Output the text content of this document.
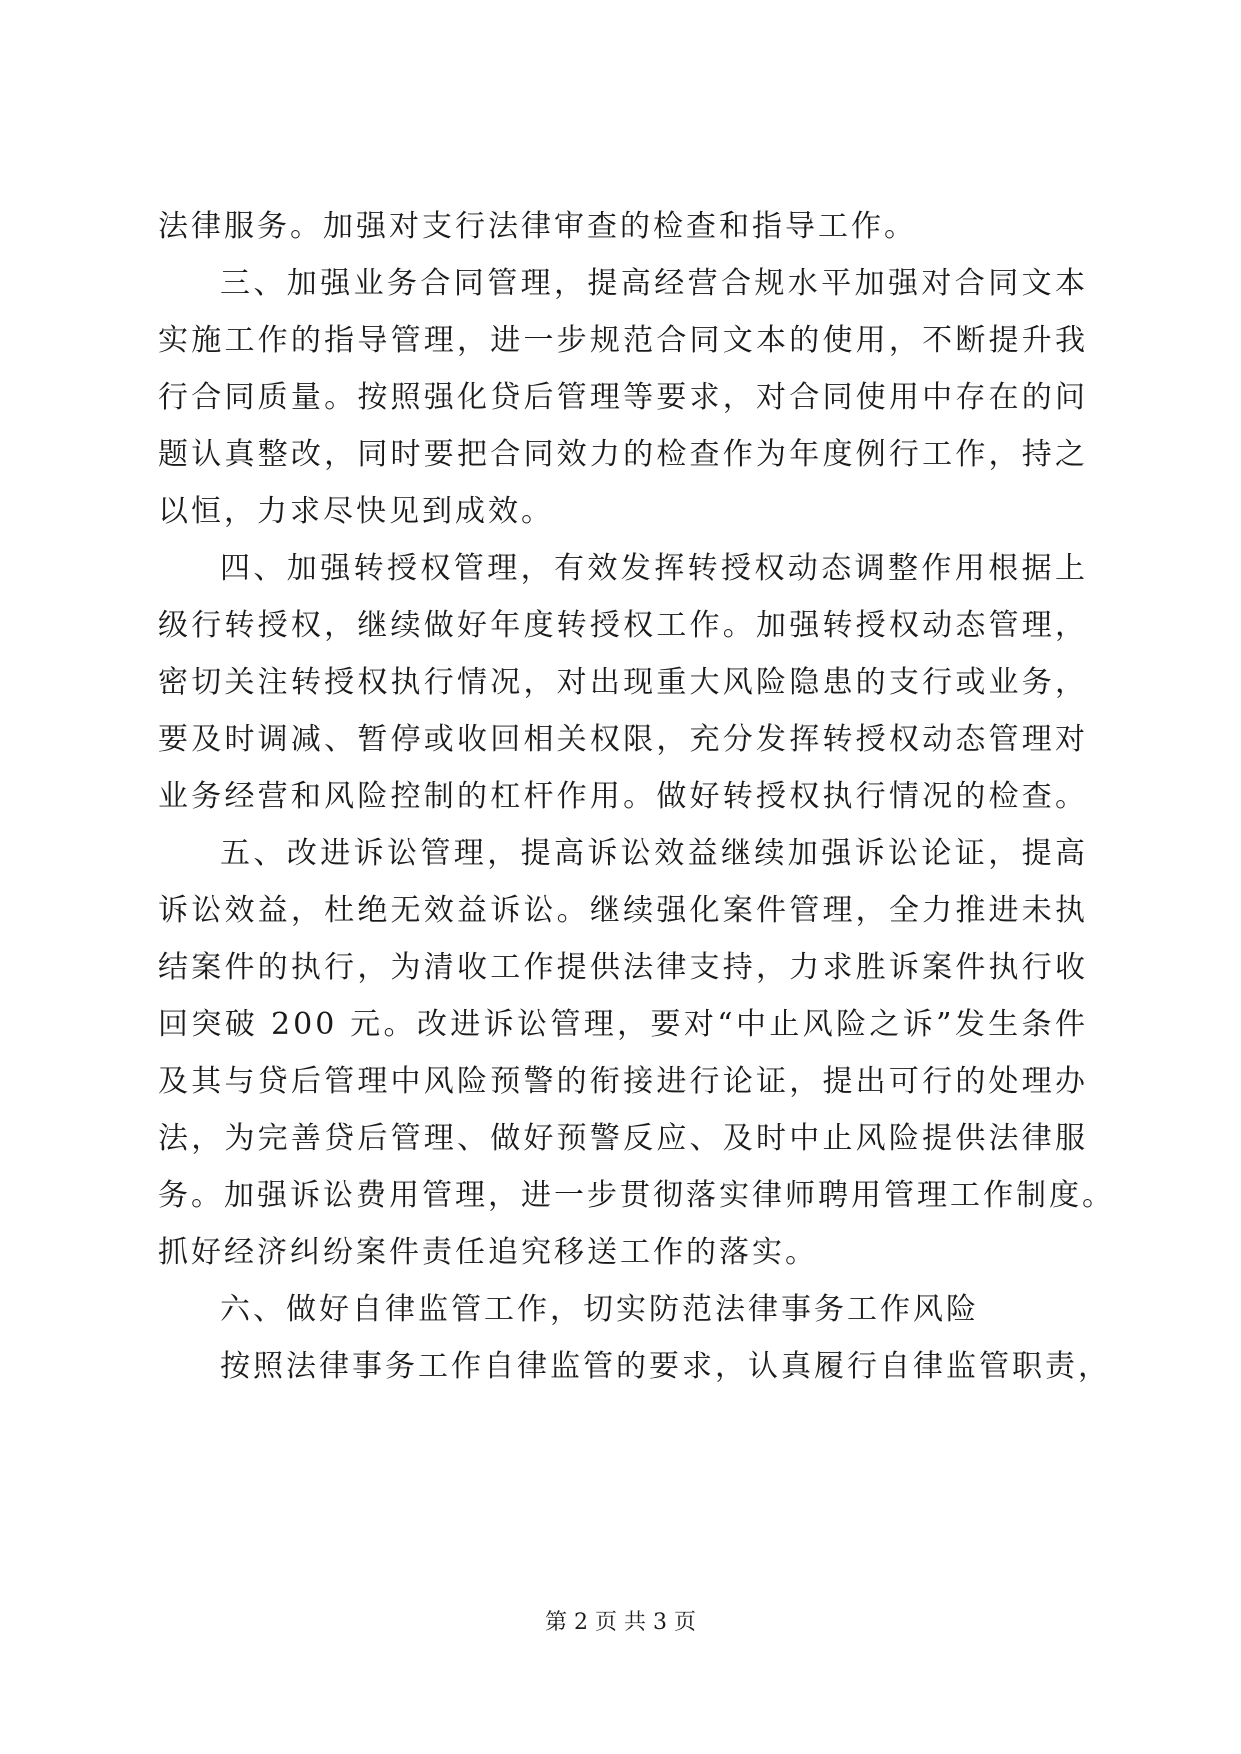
法律服务。加强对支行法律审查的检查和指导工作。
三、加强业务合同管理，提高经营合规水平加强对合同文本
实施工作的指导管理，进一步规范合同文本的使用，不断提升我
行合同质量。按照强化贷后管理等要求，对合同使用中存在的问
题认真整改，同时要把合同效力的检查作为年度例行工作，持之
以恒，力求尽快见到成效。
四、加强转授权管理，有效发挥转授权动态调整作用根据上
级行转授权，继续做好年度转授权工作。加强转授权动态管理，
密切关注转授权执行情况，对出现重大风险隐患的支行或业务，
要及时调减、暂停或收回相关权限，充分发挥转授权动态管理对
业务经营和风险控制的杠杆作用。做好转授权执行情况的检查。
五、改进诉讼管理，提高诉讼效益继续加强诉讼论证，提高
诉讼效益，杜绝无效益诉讼。继续强化案件管理，全力推进未执
结案件的执行，为清收工作提供法律支持，力求胜诉案件执行收
回突破 200 元。改进诉讼管理，要对“中止风险之诉”发生条件
及其与贷后管理中风险预警的衔接进行论证，提出可行的处理办
法，为完善贷后管理、做好预警反应、及时中止风险提供法律服
务。加强诉讼费用管理，进一步贯彻落实律师聘用管理工作制度。
抓好经济纠纷案件责任追究移送工作的落实。
六、做好自律监管工作，切实防范法律事务工作风险
按照法律事务工作自律监管的要求，认真履行自律监管职责，
第 2 页 共 3 页
